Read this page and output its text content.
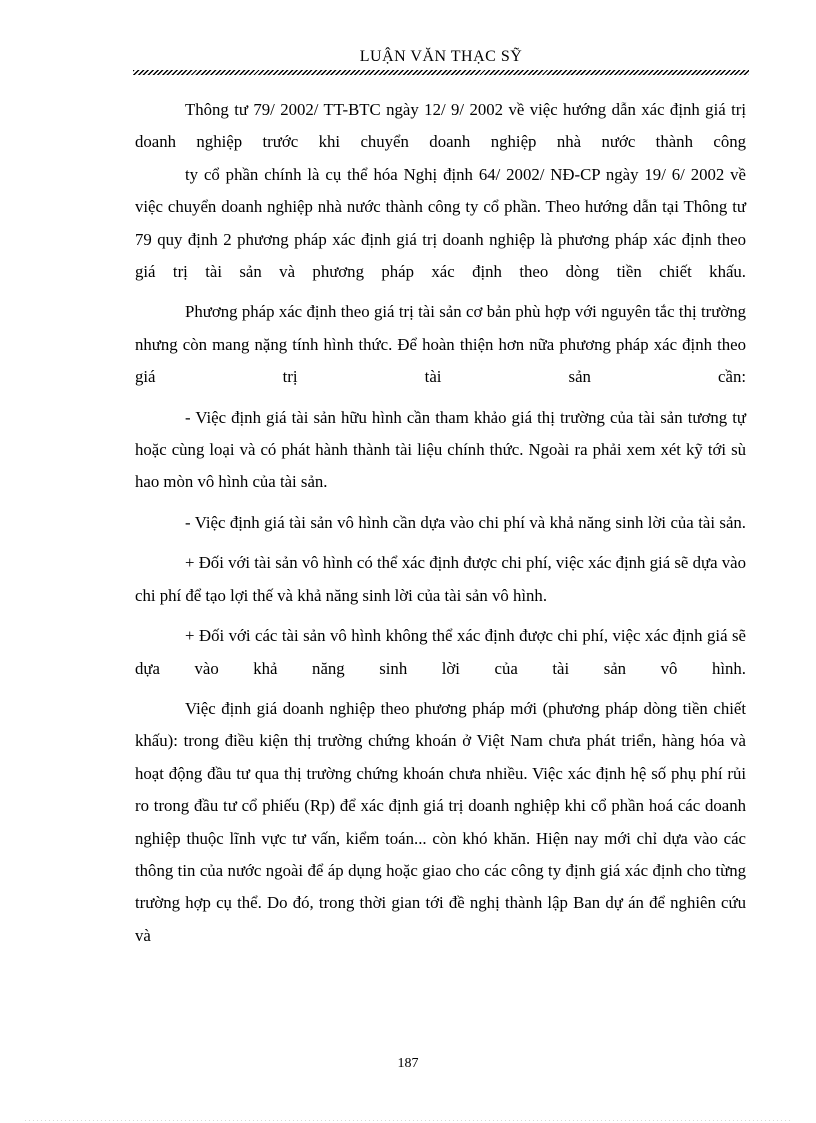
LUẬN VĂN THẠC SỸ

Thông tư 79/ 2002/ TT-BTC ngày 12/ 9/ 2002 về việc hướng dẫn xác định giá trị doanh nghiệp trước khi chuyển doanh nghiệp nhà nước thành công

ty cổ phần chính là cụ thể hóa Nghị định 64/ 2002/ NĐ-CP ngày 19/ 6/ 2002 về việc chuyển doanh nghiệp nhà nước thành công ty cổ phần. Theo hướng dẫn tại Thông tư 79 quy định 2 phương pháp xác định giá trị doanh nghiệp là phương pháp xác định theo giá trị tài sản và phương pháp xác định theo dòng tiền chiết khấu.

Phương pháp xác định theo giá trị tài sản cơ bản phù hợp với nguyên tắc thị trường nhưng còn mang nặng tính hình thức. Để hoàn thiện hơn nữa phương pháp xác định theo giá trị tài sản cần:

- Việc định giá tài sản hữu hình cần tham khảo giá thị trường của tài sản tương tự hoặc cùng loại và có phát hành thành tài liệu chính thức. Ngoài ra phải xem xét kỹ tới sù hao mòn vô hình của tài sản.

- Việc định giá tài sản vô hình cần dựa vào chi phí và khả năng sinh lời của tài sản.

+ Đối với tài sản vô hình có thể xác định được chi phí, việc xác định giá sẽ dựa vào chi phí để tạo lợi thế và khả năng sinh lời của tài sản vô hình.

+ Đối với các tài sản vô hình không thể xác định được chi phí, việc xác định giá sẽ dựa vào khả năng sinh lời của tài sản vô hình.

Việc định giá doanh nghiệp theo phương pháp mới (phương pháp dòng tiền chiết khấu): trong điều kiện thị trường chứng khoán ở Việt Nam chưa phát triển, hàng hóa và hoạt động đầu tư qua thị trường chứng khoán chưa nhiều. Việc xác định hệ số phụ phí rủi ro trong đầu tư cổ phiếu (Rp) để xác định giá trị doanh nghiệp khi cổ phần hoá các doanh nghiệp thuộc lĩnh vực tư vấn, kiểm toán... còn khó khăn. Hiện nay mới chỉ dựa vào các thông tin của nước ngoài để áp dụng hoặc giao cho các công ty định giá xác định cho từng trường hợp cụ thể. Do đó, trong thời gian tới đề nghị thành lập Ban dự án để nghiên cứu và

187
